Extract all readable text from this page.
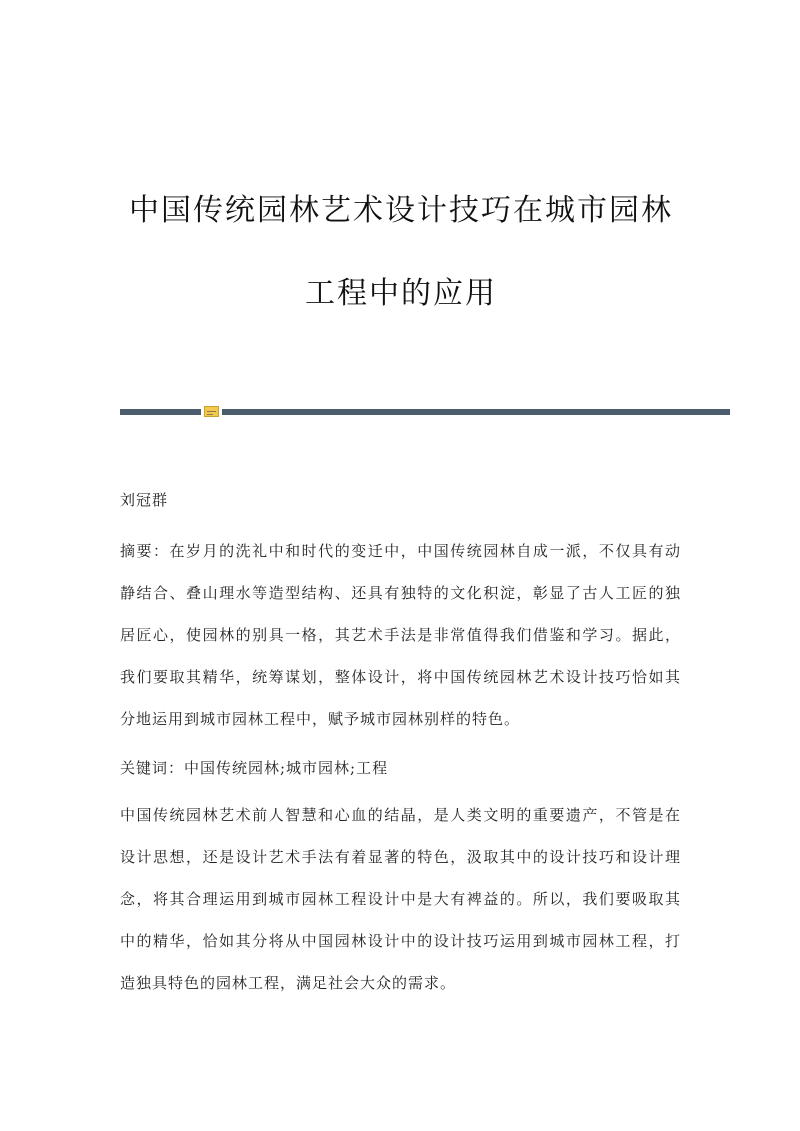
中国传统园林艺术设计技巧在城市园林
工程中的应用
刘冠群
摘要：在岁月的洗礼中和时代的变迁中，中国传统园林自成一派，不仅具有动
静结合、叠山理水等造型结构、还具有独特的文化积淀，彰显了古人工匠的独
居匠心，使园林的别具一格，其艺术手法是非常值得我们借鉴和学习。据此，
我们要取其精华，统筹谋划，整体设计，将中国传统园林艺术设计技巧恰如其
分地运用到城市园林工程中，赋予城市园林别样的特色。
关键词：中国传统园林;城市园林;工程
中国传统园林艺术前人智慧和心血的结晶，是人类文明的重要遗产，不管是在
设计思想，还是设计艺术手法有着显著的特色，汲取其中的设计技巧和设计理
念，将其合理运用到城市园林工程设计中是大有裨益的。所以，我们要吸取其
中的精华，恰如其分将从中国园林设计中的设计技巧运用到城市园林工程，打
造独具特色的园林工程，满足社会大众的需求。
